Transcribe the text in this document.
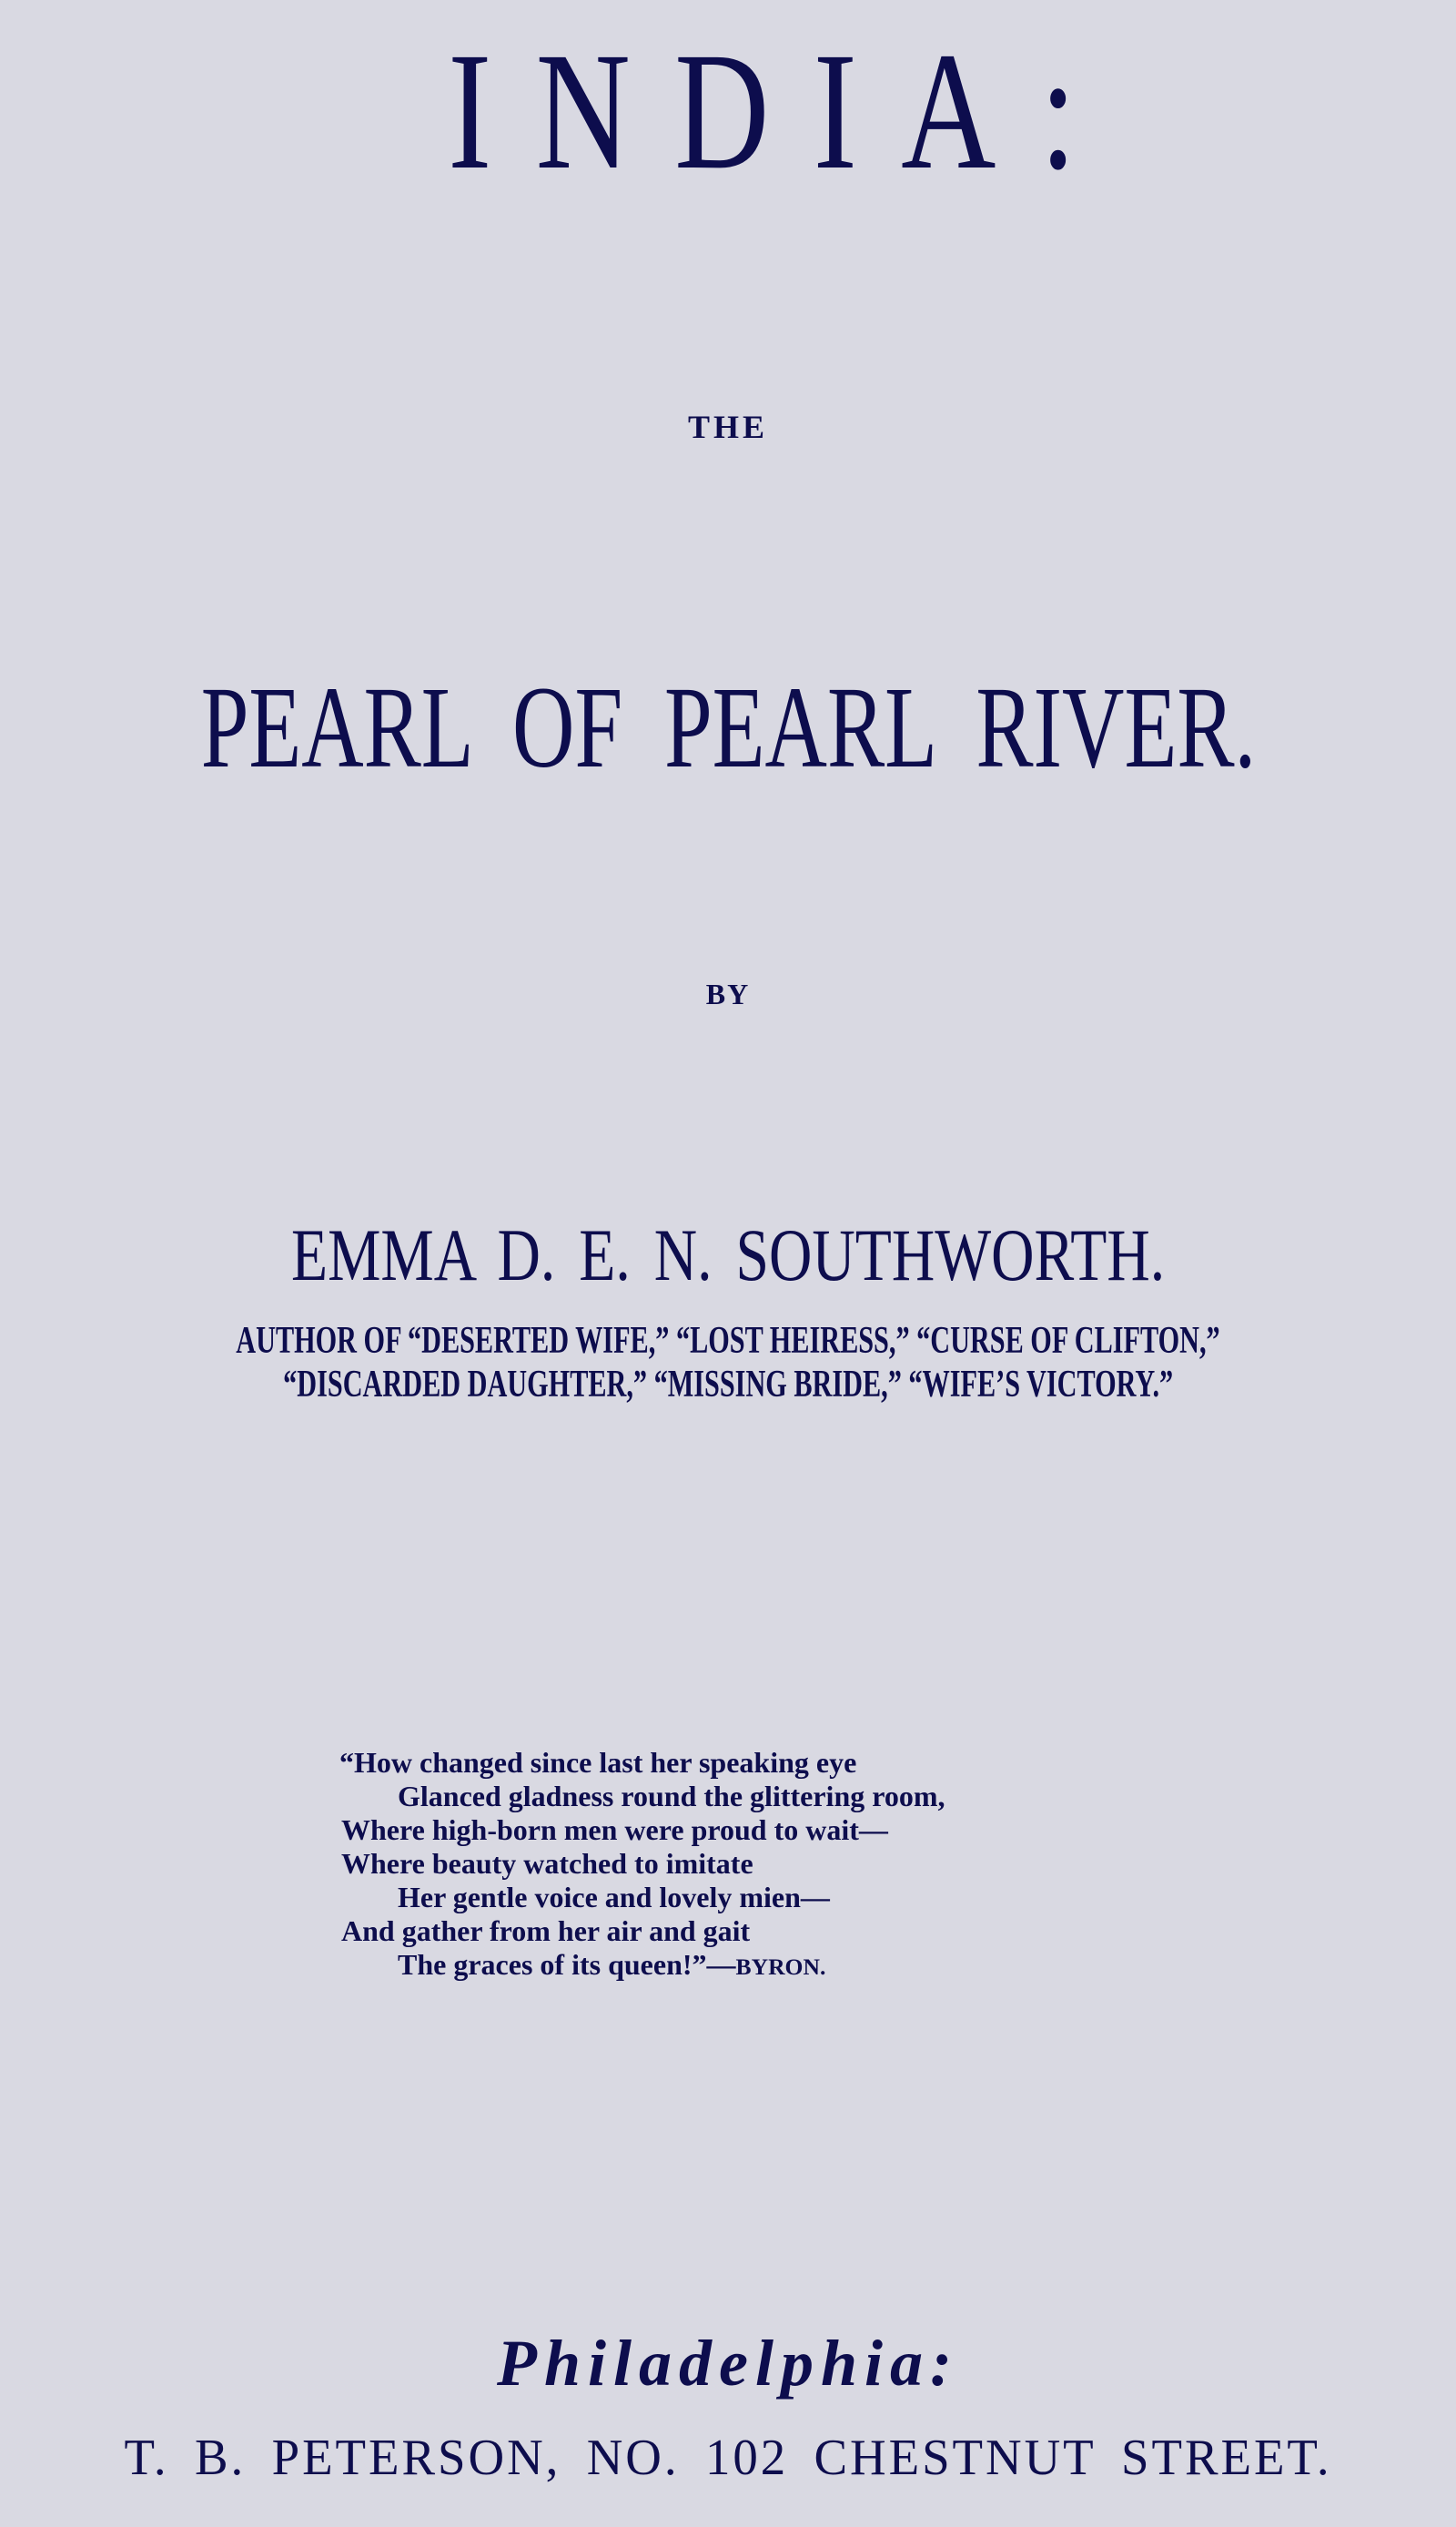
INDIA:
THE
PEARL OF PEARL RIVER.
BY
EMMA D. E. N. SOUTHWORTH.
AUTHOR OF “DESERTED WIFE,” “LOST HEIRESS,” “CURSE OF CLIFTON,”
“DISCARDED DAUGHTER,” “MISSING BRIDE,” “WIFE’S VICTORY.”
“How changed since last her speaking eye
Glanced gladness round the glittering room,
Where high-born men were proud to wait—
Where beauty watched to imitate
Her gentle voice and lovely mien—
And gather from her air and gait
The graces of its queen!”—BYRON.
Philadelphia:
T. B. PETERSON, NO. 102 CHESTNUT STREET.
